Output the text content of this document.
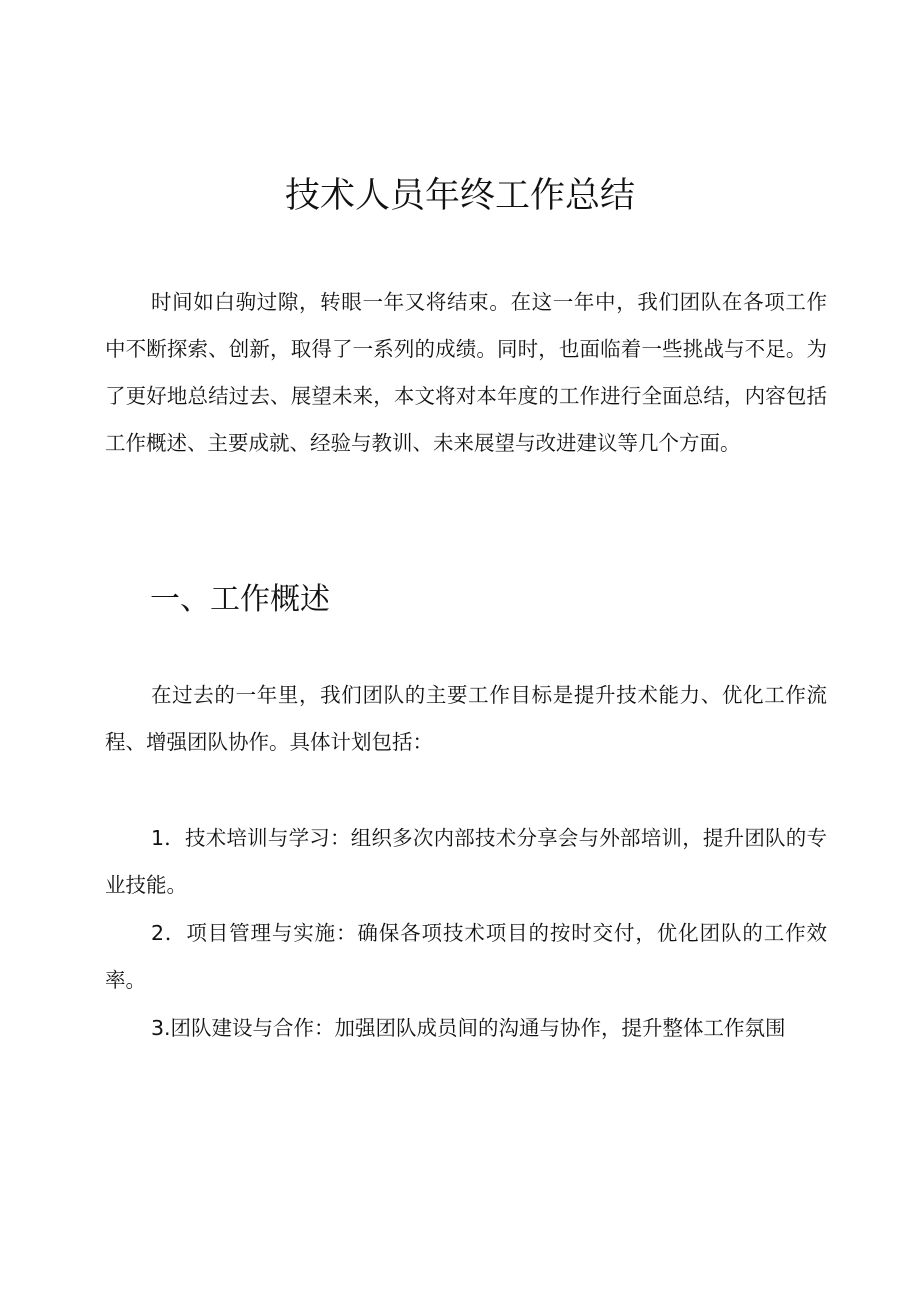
技术人员年终工作总结

时间如白驹过隙，转眼一年又将结束。在这一年中，我们团队在各项工作中不断探索、创新，取得了一系列的成绩。同时，也面临着一些挑战与不足。为了更好地总结过去、展望未来，本文将对本年度的工作进行全面总结，内容包括工作概述、主要成就、经验与教训、未来展望与改进建议等几个方面。

一、工作概述

在过去的一年里，我们团队的主要工作目标是提升技术能力、优化工作流程、增强团队协作。具体计划包括：

1．技术培训与学习：组织多次内部技术分享会与外部培训，提升团队的专业技能。

2．项目管理与实施：确保各项技术项目的按时交付，优化团队的工作效率。

3.团队建设与合作：加强团队成员间的沟通与协作，提升整体工作氛围
